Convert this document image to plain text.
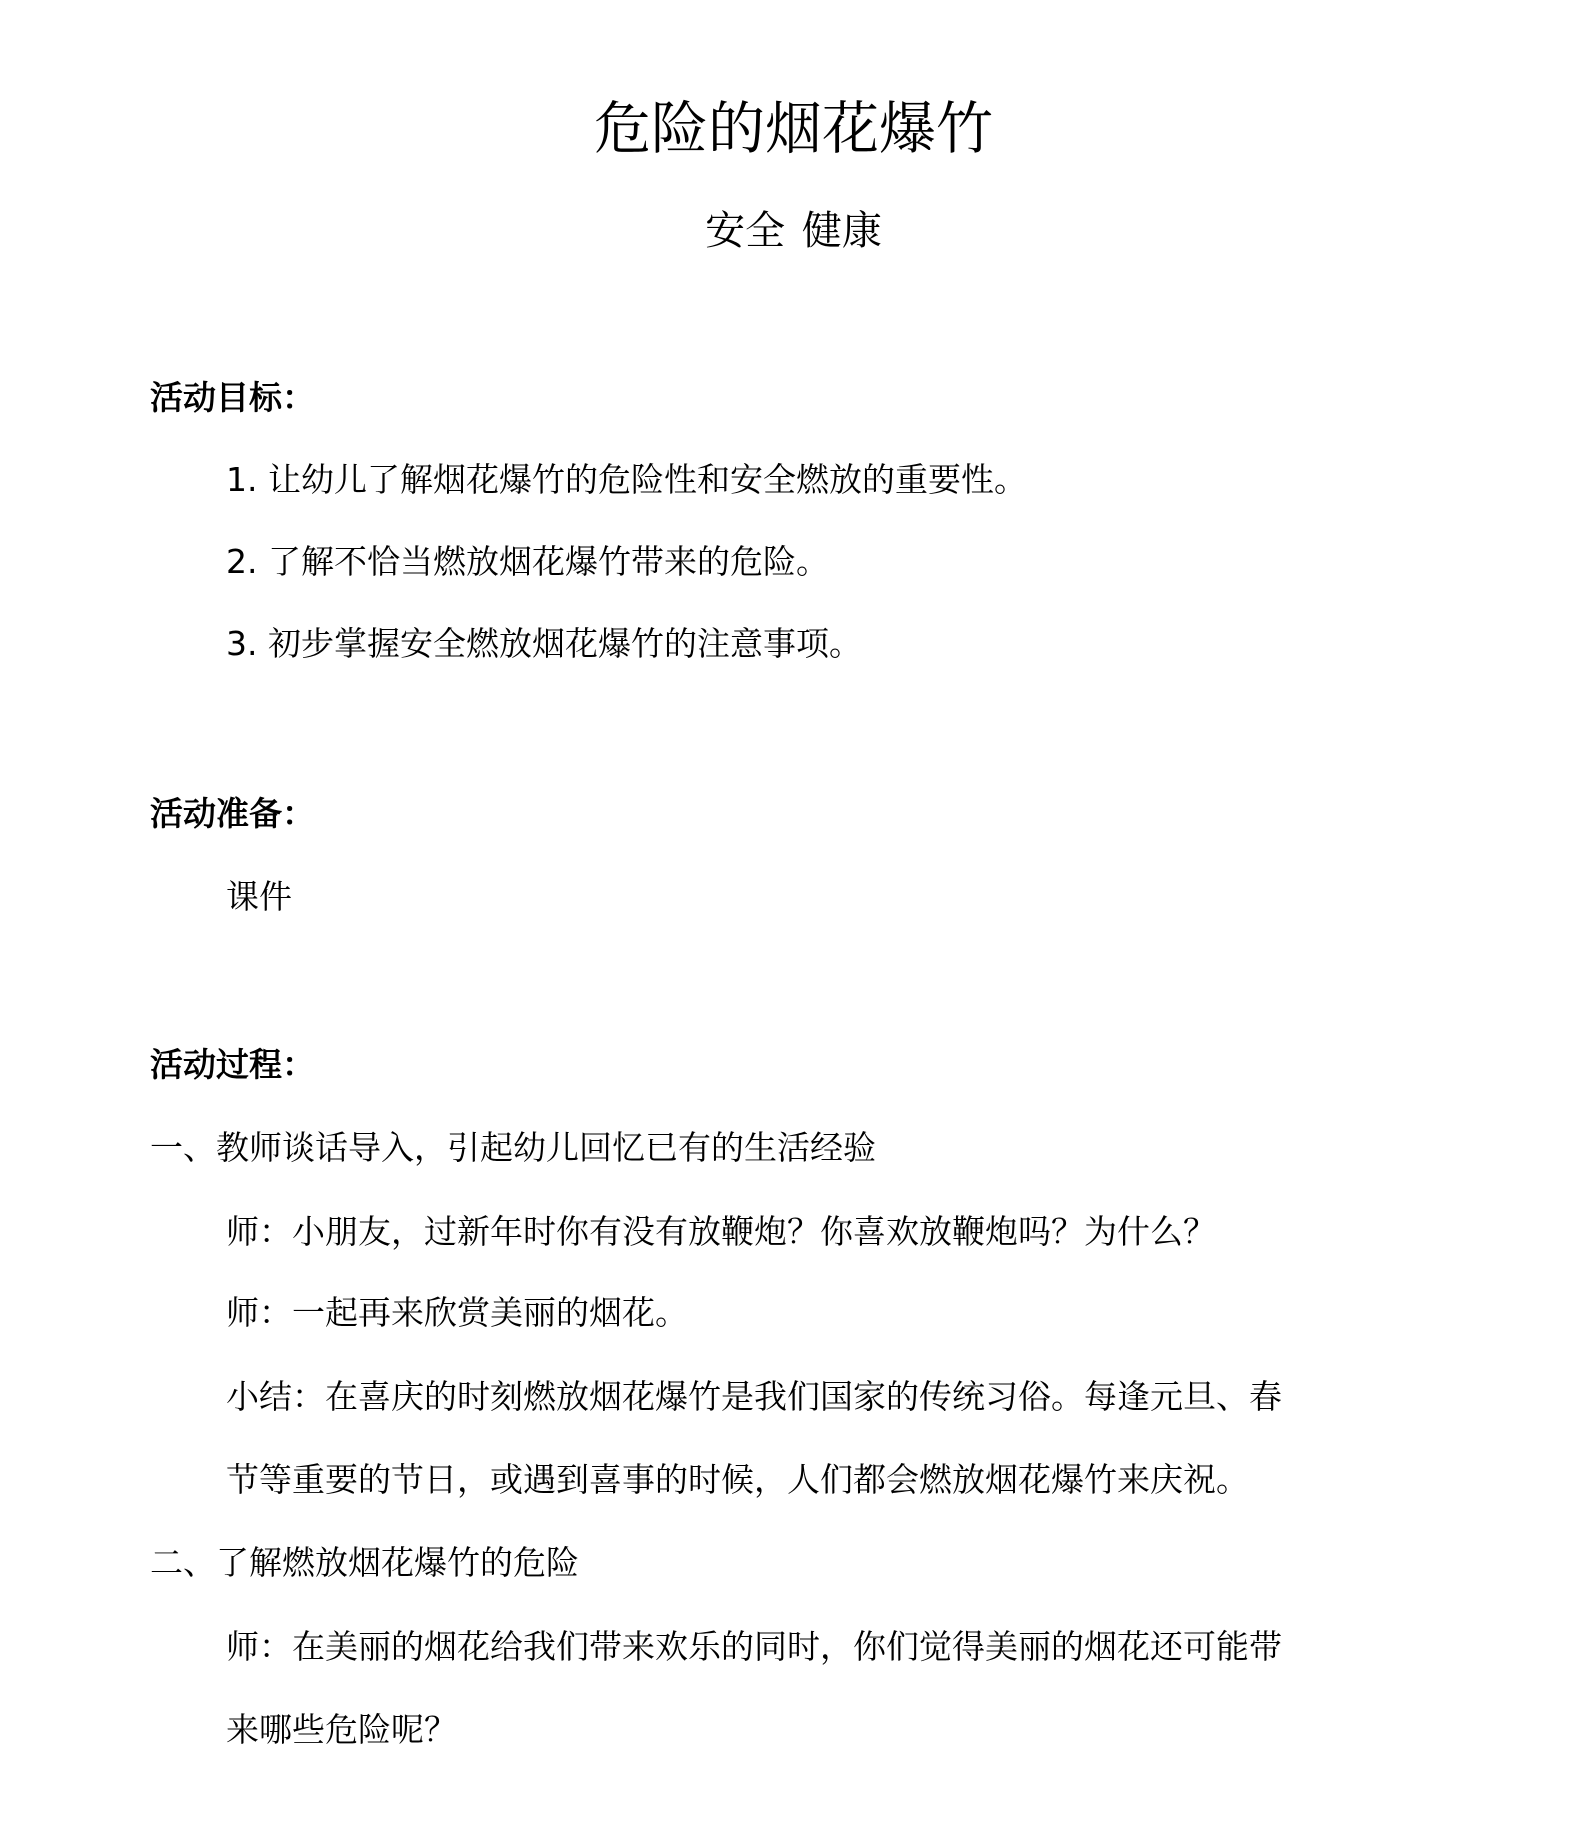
危险的烟花爆竹
安全 健康
活动目标：
1. 让幼儿了解烟花爆竹的危险性和安全燃放的重要性。
2. 了解不恰当燃放烟花爆竹带来的危险。
3. 初步掌握安全燃放烟花爆竹的注意事项。
活动准备：
课件
活动过程：
一、教师谈话导入，引起幼儿回忆已有的生活经验
师：小朋友，过新年时你有没有放鞭炮？你喜欢放鞭炮吗？为什么？
师：一起再来欣赏美丽的烟花。
小结：在喜庆的时刻燃放烟花爆竹是我们国家的传统习俗。每逢元旦、春
节等重要的节日，或遇到喜事的时候，人们都会燃放烟花爆竹来庆祝。
二、了解燃放烟花爆竹的危险
师：在美丽的烟花给我们带来欢乐的同时，你们觉得美丽的烟花还可能带
来哪些危险呢？
